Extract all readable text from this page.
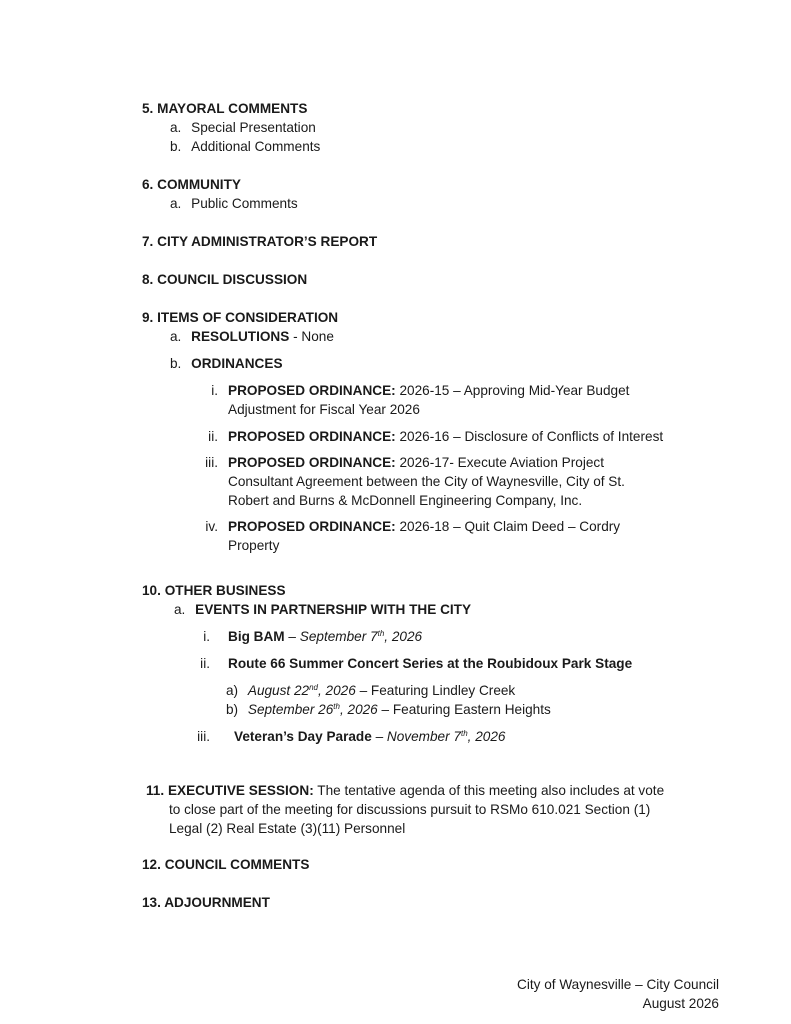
5. MAYORAL COMMENTS
a. Special Presentation
b. Additional Comments
6. COMMUNITY
a. Public Comments
7. CITY ADMINISTRATOR’S REPORT
8. COUNCIL DISCUSSION
9. ITEMS OF CONSIDERATION
a. RESOLUTIONS - None
b. ORDINANCES
i. PROPOSED ORDINANCE: 2026-15 – Approving Mid-Year Budget
Adjustment for Fiscal Year 2026
ii. PROPOSED ORDINANCE: 2026-16 – Disclosure of Conflicts of Interest
iii. PROPOSED ORDINANCE: 2026-17- Execute Aviation Project
Consultant Agreement between the City of Waynesville, City of St.
Robert and Burns & McDonnell Engineering Company, Inc.
iv. PROPOSED ORDINANCE: 2026-18 – Quit Claim Deed – Cordry
Property
10. OTHER BUSINESS
a. EVENTS IN PARTNERSHIP WITH THE CITY
i. Big BAM – September 7th, 2026
ii. Route 66 Summer Concert Series at the Roubidoux Park Stage
a) August 22nd, 2026 – Featuring Lindley Creek
b) September 26th, 2026 – Featuring Eastern Heights
iii. Veteran’s Day Parade – November 7th, 2026
11. EXECUTIVE SESSION: The tentative agenda of this meeting also includes at vote
to close part of the meeting for discussions pursuit to RSMo 610.021 Section (1)
Legal (2) Real Estate (3)(11) Personnel
12. COUNCIL COMMENTS
13. ADJOURNMENT
City of Waynesville – City Council
August 2026
